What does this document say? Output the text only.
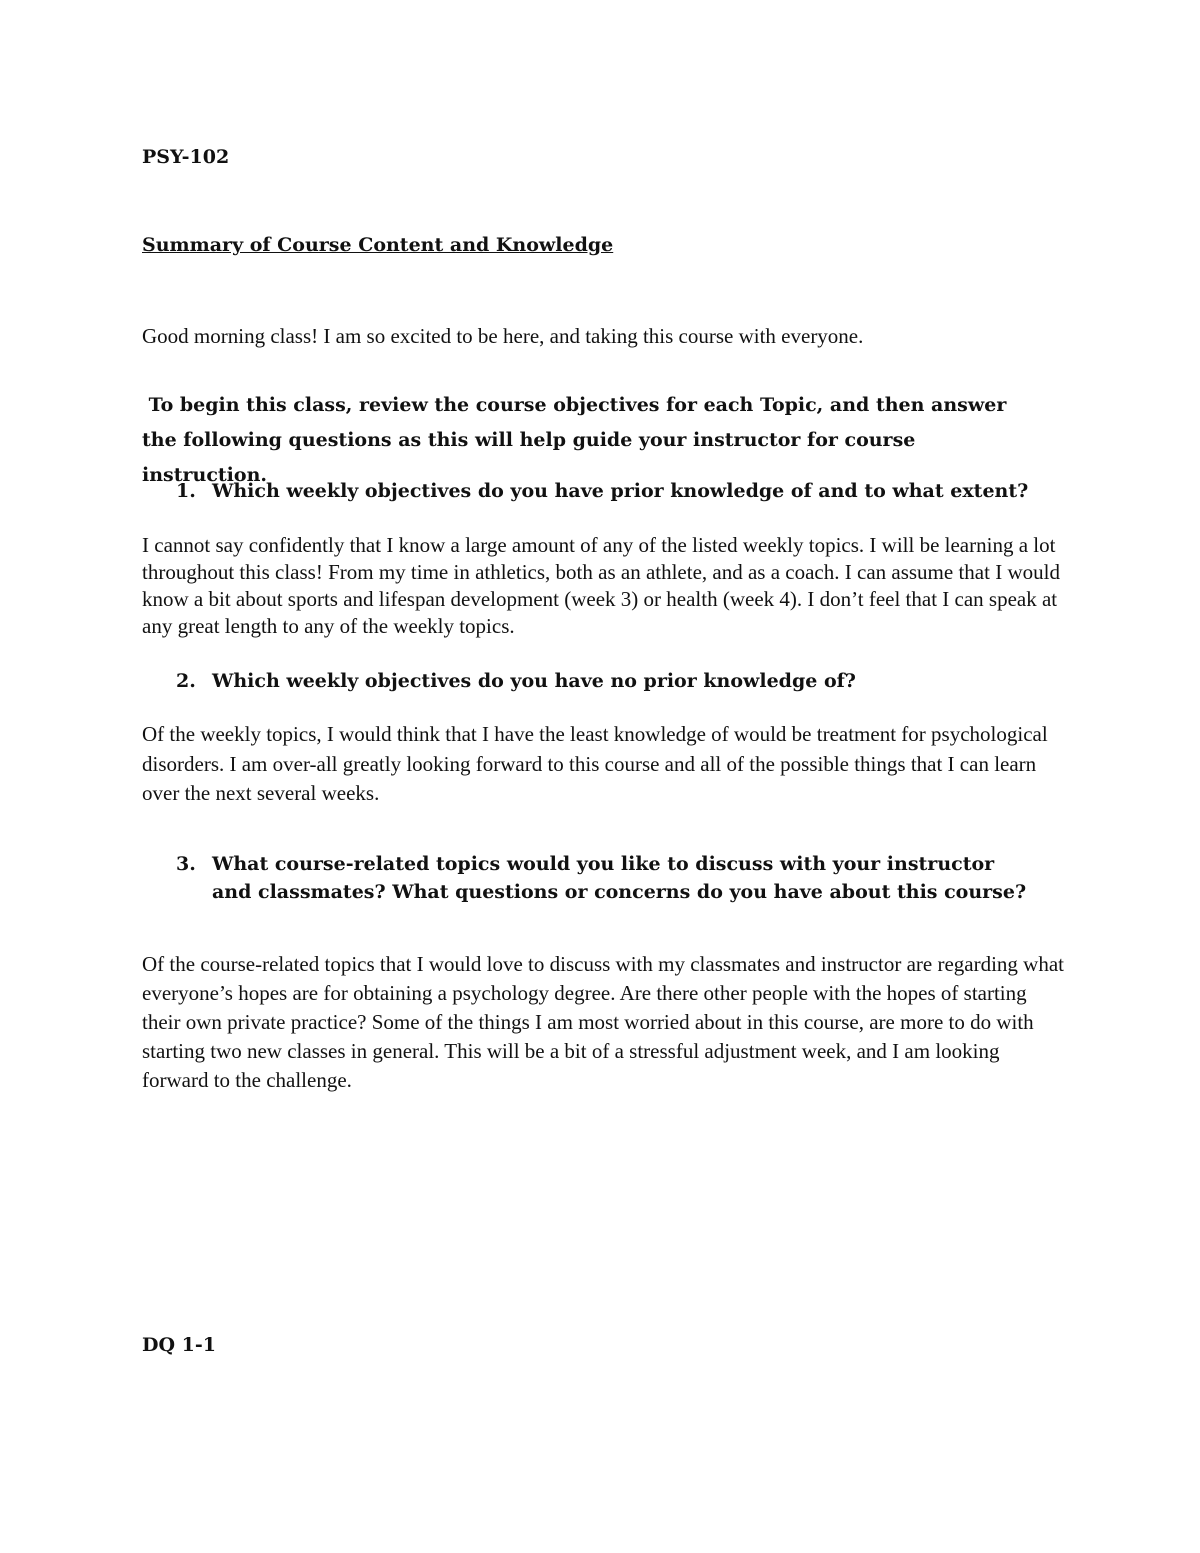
PSY-102

Summary of Course Content and Knowledge

Good morning class! I am so excited to be here, and taking this course with everyone.

To begin this class, review the course objectives for each Topic, and then answer the following questions as this will help guide your instructor for course instruction.

1. Which weekly objectives do you have prior knowledge of and to what extent?

I cannot say confidently that I know a large amount of any of the listed weekly topics. I will be learning a lot throughout this class! From my time in athletics, both as an athlete, and as a coach. I can assume that I would know a bit about sports and lifespan development (week 3) or health (week 4). I don’t feel that I can speak at any great length to any of the weekly topics.

2. Which weekly objectives do you have no prior knowledge of?

Of the weekly topics, I would think that I have the least knowledge of would be treatment for psychological disorders. I am over-all greatly looking forward to this course and all of the possible things that I can learn over the next several weeks.

3. What course-related topics would you like to discuss with your instructor and classmates? What questions or concerns do you have about this course?

Of the course-related topics that I would love to discuss with my classmates and instructor are regarding what everyone’s hopes are for obtaining a psychology degree. Are there other people with the hopes of starting their own private practice? Some of the things I am most worried about in this course, are more to do with starting two new classes in general. This will be a bit of a stressful adjustment week, and I am looking forward to the challenge.

DQ 1-1
